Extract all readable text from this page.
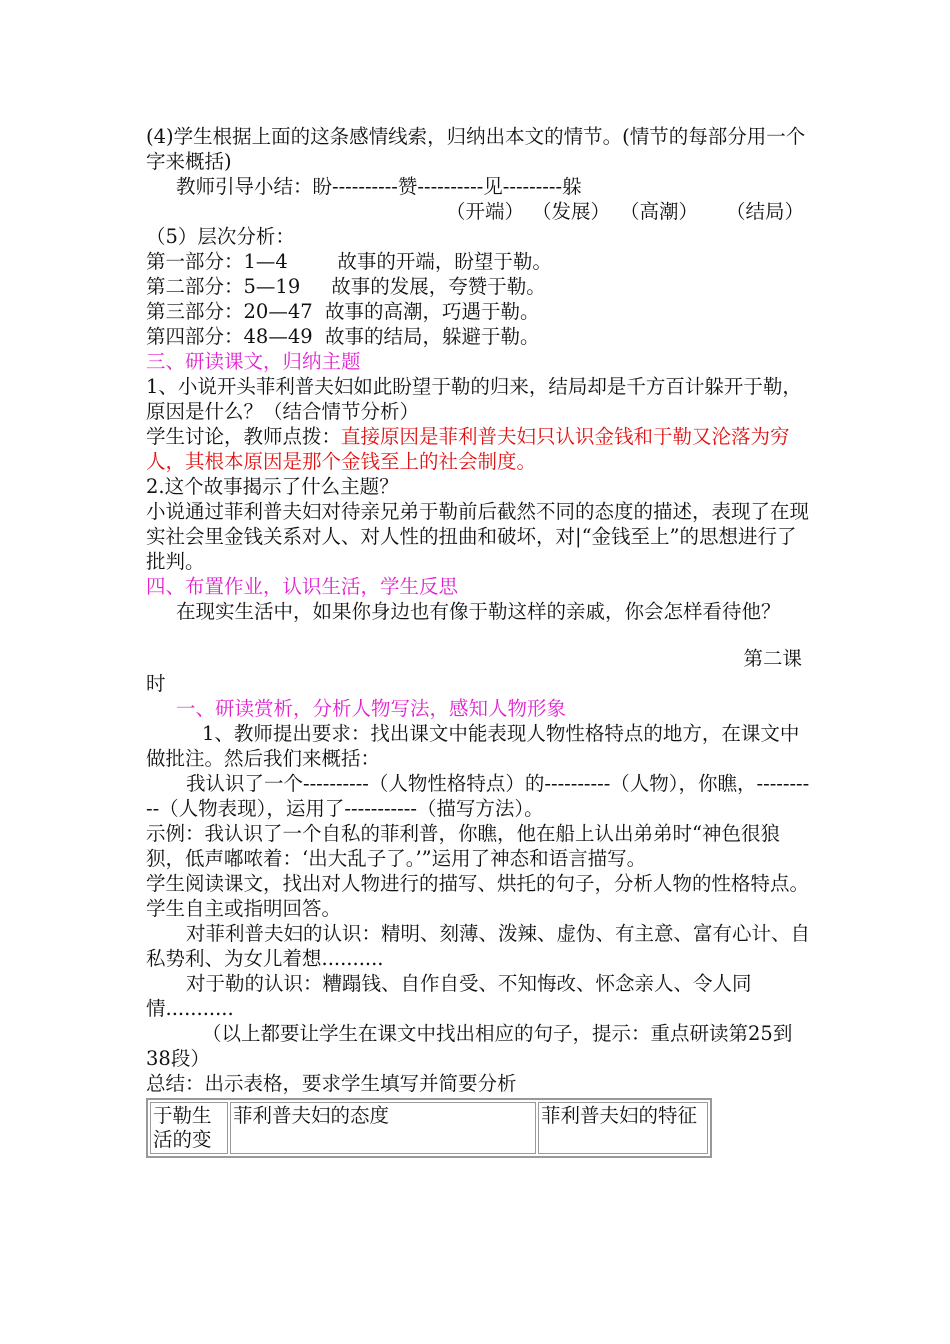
(4)学生根据上面的这条感情线索，归纳出本文的情节。(情节的每部分用一个字来概括)

教师引导小结：盼----------赞----------见---------躲

（开端） （发展） （高潮） （结局）

（5）层次分析：

第一部分：1—4        故事的开端，盼望于勒。

第二部分：5—19     故事的发展，夸赞于勒。

第三部分：20—47  故事的高潮，巧遇于勒。

第四部分：48—49  故事的结局，躲避于勒。

三、研读课文，归纳主题

1、小说开头菲利普夫妇如此盼望于勒的归来，结局却是千方百计躲开于勒，原因是什么？（结合情节分析）

学生讨论，教师点拨：直接原因是菲利普夫妇只认识金钱和于勒又沦落为穷人，其根本原因是那个金钱至上的社会制度。

2.这个故事揭示了什么主题？

小说通过菲利普夫妇对待亲兄弟于勒前后截然不同的态度的描述，表现了在现实社会里金钱关系对人、对人性的扭曲和破坏，对|“金钱至上”的思想进行了批判。

四、布置作业，认识生活，学生反思

在现实生活中，如果你身边也有像于勒这样的亲戚，你会怎样看待他？

第二课

时

一、研读赏析，分析人物写法，感知人物形象

1、教师提出要求：找出课文中能表现人物性格特点的地方，在课文中做批注。然后我们来概括：

我认识了一个----------（人物性格特点）的----------（人物），你瞧，----------（人物表现），运用了-----------（描写方法）。

示例：我认识了一个自私的菲利普，你瞧，他在船上认出弟弟时“神色很狼狈，低声嘟哝着：‘出大乱子了。’”运用了神态和语言描写。

学生阅读课文，找出对人物进行的描写、烘托的句子，分析人物的性格特点。

学生自主或指明回答。

对菲利普夫妇的认识：精明、刻薄、泼辣、虚伪、有主意、富有心计、自私势利、为女儿着想..........

对于勒的认识：糟蹋钱、自作自受、不知悔改、怀念亲人、令人同情...........

（以上都要让学生在课文中找出相应的句子，提示：重点研读第25到38段）

总结：出示表格，要求学生填写并简要分析

于勒生活的变	菲利普夫妇的态度	菲利普夫妇的特征
